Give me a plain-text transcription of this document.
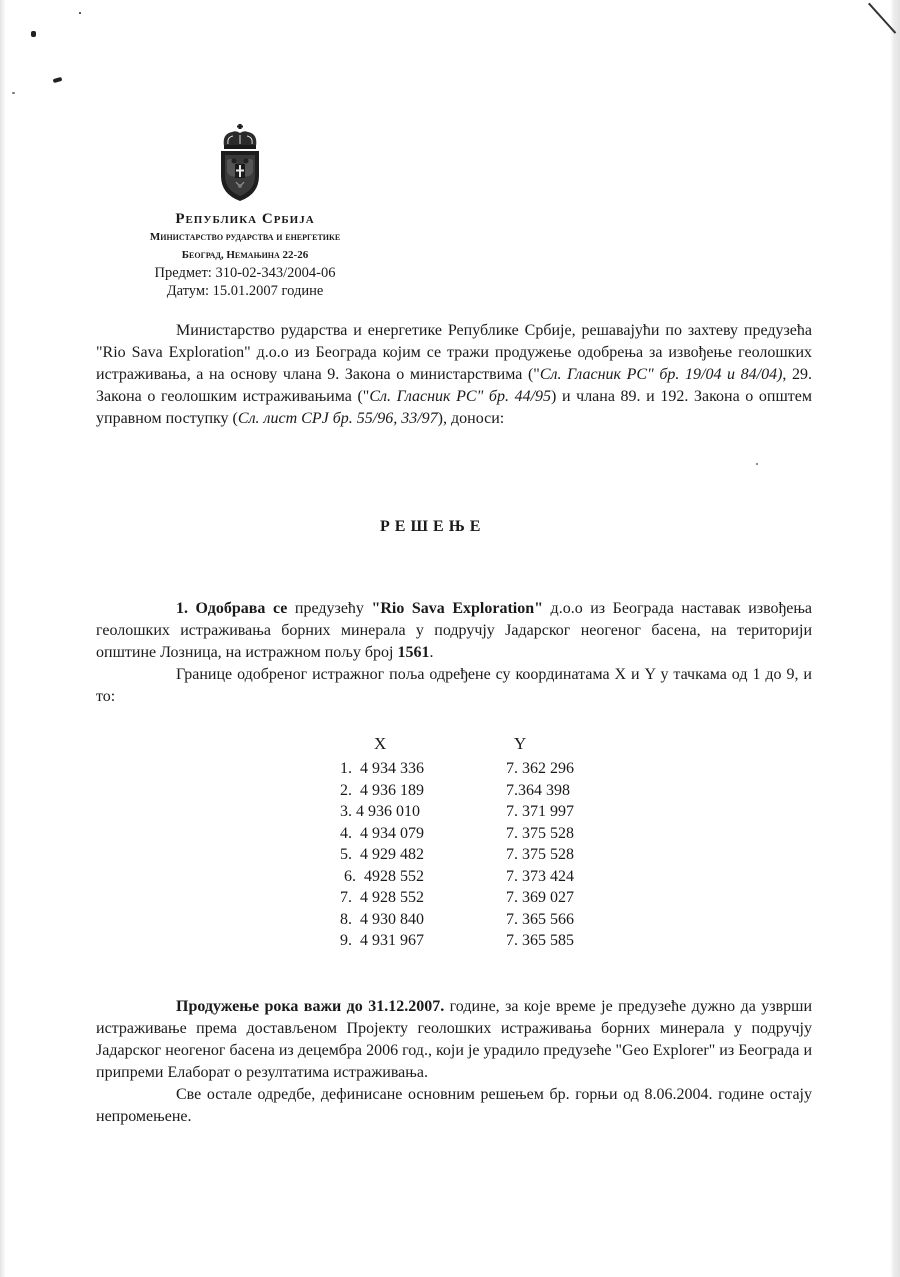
Република Србија
Министарство рударства и енергетике
Београд, Немањина 22-26
Предмет: 310-02-343/2004-06
Датум: 15.01.2007 године
Министарство рударства и енергетике Републике Србије, решавајући по захтеву предузећа "Rio Sava Exploration" д.о.о из Београда којим се тражи продужење одобрења за извођење геолошких истраживања, а на основу члана 9. Закона о министарствима ("Сл. Гласник РС" бр. 19/04 и 84/04), 29. Закона о геолошким истраживањима ("Сл. Гласник РС" бр. 44/95) и члана 89. и 192. Закона о општем управном поступку (Сл. лист СРЈ бр. 55/96, 33/97), доноси:
РЕШЕЊЕ
1. Одобрава се предузећу "Rio Sava Exploration" д.о.о из Београда наставак извођења геолошких истраживања борних минерала у подручју Јадарског неогеног басена, на територији општине Лозница, на истражном пољу број 1561.
Границе одобреног истражног поља одређене су координатама X и Y у тачкама од 1 до 9, и то:
X	Y
1. 4 934 336	7. 362 296
2. 4 936 189	7.364 398
3. 4 936 010	7. 371 997
4. 4 934 079	7. 375 528
5. 4 929 482	7. 375 528
6. 4928 552	7. 373 424
7. 4 928 552	7. 369 027
8. 4 930 840	7. 365 566
9. 4 931 967	7. 365 585
Продужење рока важи до 31.12.2007. године, за које време је предузеће дужно да узврши истраживање према достављеном Пројекту геолошких истраживања борних минерала у подручју Јадарског неогеног басена из децембра 2006 год., који је урадило предузеће "Geo Explorer" из Београда и припреми Елаборат о резултатима истраживања.
Све остале одредбе, дефинисане основним решењем бр. горњи од 8.06.2004. године остају непромењене.
